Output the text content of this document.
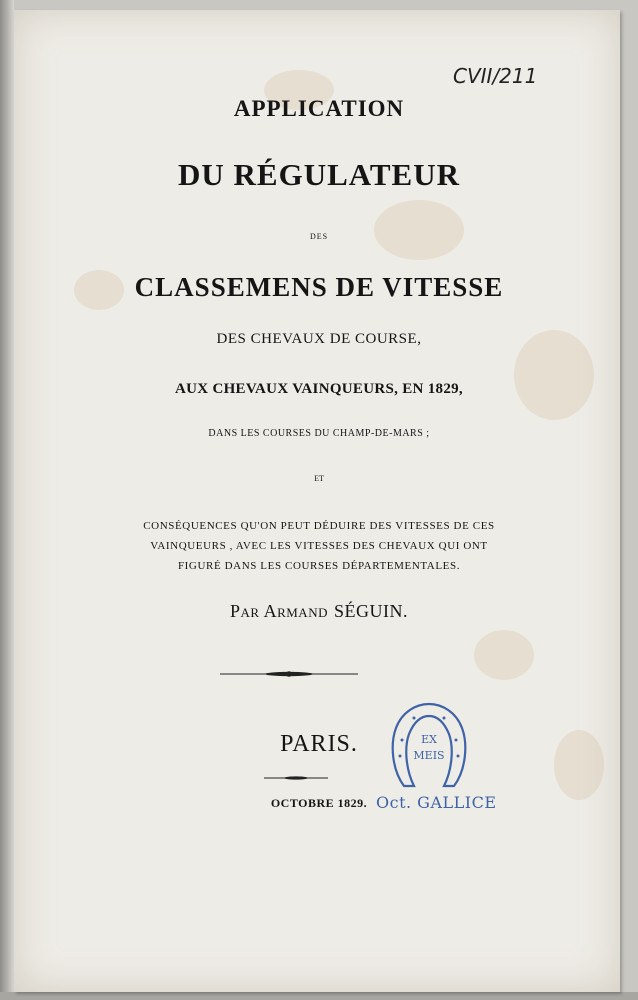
CVII/211
APPLICATION
DU RÉGULATEUR
DES
CLASSEMENS DE VITESSE
DES CHEVAUX DE COURSE,
AUX CHEVAUX VAINQUEURS, EN 1829,
DANS LES COURSES DU CHAMP-DE-MARS ;
ET
CONSÉQUENCES QU'ON PEUT DÉDUIRE DES VITESSES DE CES
VAINQUEURS , AVEC LES VITESSES DES CHEVAUX QUI ONT
FIGURÉ DANS LES COURSES DÉPARTEMENTALES.
Par Armand SÉGUIN.
PARIS.
OCTOBRE 1829.
EX
MEIS
Oct. GALLICE
